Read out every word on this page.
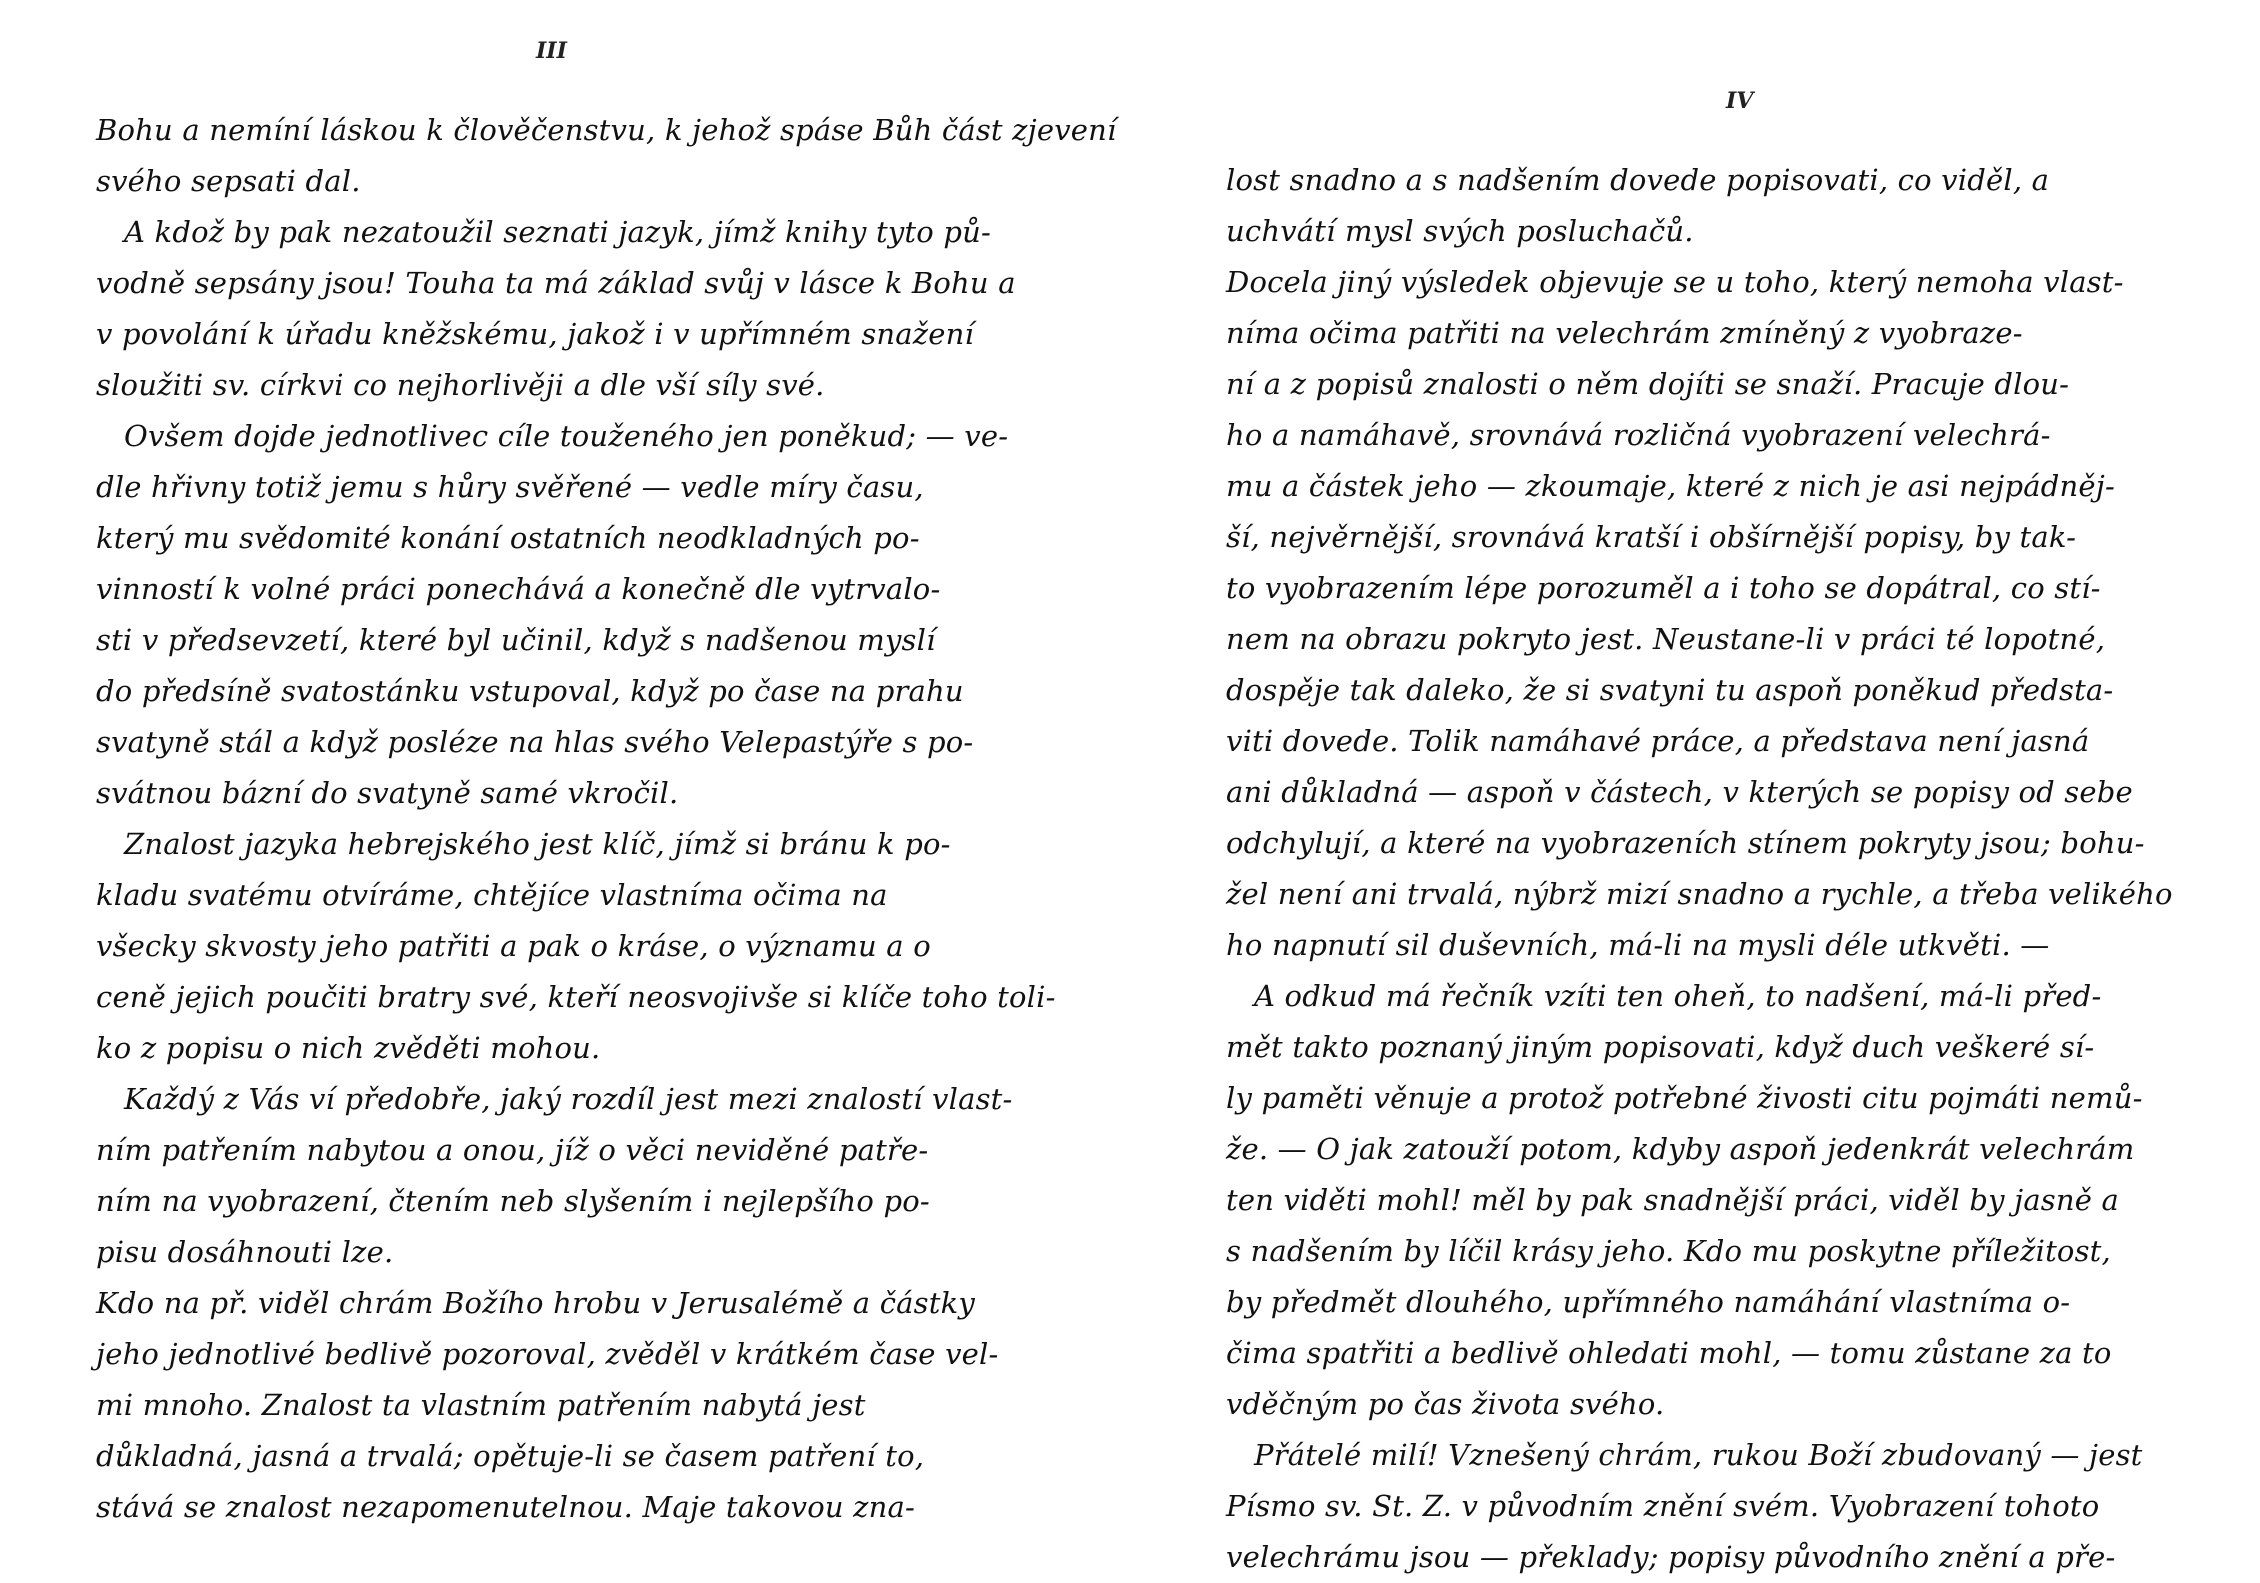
III
Bohu a nemíní láskou k člověčenstvu, k jehož spáse Bůh část zjevení
svého sepsati dal.
A kdož by pak nezatoužil seznati jazyk, jímž knihy tyto pů-
vodně sepsány jsou! Touha ta má základ svůj v lásce k Bohu a
v povolání k úřadu kněžskému, jakož i v upřímném snažení
sloužiti sv. církvi co nejhorlivěji a dle vší síly své.
Ovšem dojde jednotlivec cíle touženého jen poněkud; — ve-
dle hřivny totiž jemu s hůry svěřené — vedle míry času,
který mu svědomité konání ostatních neodkladných po-
vinností k volné práci ponechává a konečně dle vytrvalo-
sti v předsevzetí, které byl učinil, když s nadšenou myslí
do předsíně svatostánku vstupoval, když po čase na prahu
svatyně stál a když posléze na hlas svého Velepastýře s po-
svátnou bázní do svatyně samé vkročil.
Znalost jazyka hebrejského jest klíč, jímž si bránu k po-
kladu svatému otvíráme, chtějíce vlastníma očima na
všecky skvosty jeho patřiti a pak o kráse, o významu a o
ceně jejich poučiti bratry své, kteří neosvojivše si klíče toho toli-
ko z popisu o nich zvěděti mohou.
Každý z Vás ví předobře, jaký rozdíl jest mezi znalostí vlast-
ním patřením nabytou a onou, jíž o věci neviděné patře-
ním na vyobrazení, čtením neb slyšením i nejlepšího po-
pisu dosáhnouti lze.
Kdo na př. viděl chrám Božího hrobu v Jerusalémě a částky
jeho jednotlivé bedlivě pozoroval, zvěděl v krátkém čase vel-
mi mnoho. Znalost ta vlastním patřením nabytá jest
důkladná, jasná a trvalá; opětuje-li se časem patření to,
stává se znalost nezapomenutelnou. Maje takovou zna-
IV
lost snadno a s nadšením dovede popisovati, co viděl, a
uchvátí mysl svých posluchačů.
Docela jiný výsledek objevuje se u toho, který nemoha vlast-
níma očima patřiti na velechrám zmíněný z vyobraze-
ní a z popisů znalosti o něm dojíti se snaží. Pracuje dlou-
ho a namáhavě, srovnává rozličná vyobrazení velechrá-
mu a částek jeho — zkoumaje, které z nich je asi nejpádněj-
ší, nejvěrnější, srovnává kratší i obšírnější popisy, by tak-
to vyobrazením lépe porozuměl a i toho se dopátral, co stí-
nem na obrazu pokryto jest. Neustane-li v práci té lopotné,
dospěje tak daleko, že si svatyni tu aspoň poněkud předsta-
viti dovede. Tolik namáhavé práce, a představa není jasná
ani důkladná — aspoň v částech, v kterých se popisy od sebe
odchylují, a které na vyobrazeních stínem pokryty jsou; bohu-
žel není ani trvalá, nýbrž mizí snadno a rychle, a třeba velikého
ho napnutí sil duševních, má-li na mysli déle utkvěti. —
A odkud má řečník vzíti ten oheň, to nadšení, má-li před-
mět takto poznaný jiným popisovati, když duch veškeré sí-
ly paměti věnuje a protož potřebné živosti citu pojmáti nemů-
že. — O jak zatouží potom, kdyby aspoň jedenkrát velechrám
ten viděti mohl! měl by pak snadnější práci, viděl by jasně a
s nadšením by líčil krásy jeho. Kdo mu poskytne příležitost,
by předmět dlouhého, upřímného namáhání vlastníma o-
čima spatřiti a bedlivě ohledati mohl, — tomu zůstane za to
vděčným po čas života svého.
Přátelé milí! Vznešený chrám, rukou Boží zbudovaný — jest
Písmo sv. St. Z. v původním znění svém. Vyobrazení tohoto
velechrámu jsou — překlady; popisy původního znění a pře-
